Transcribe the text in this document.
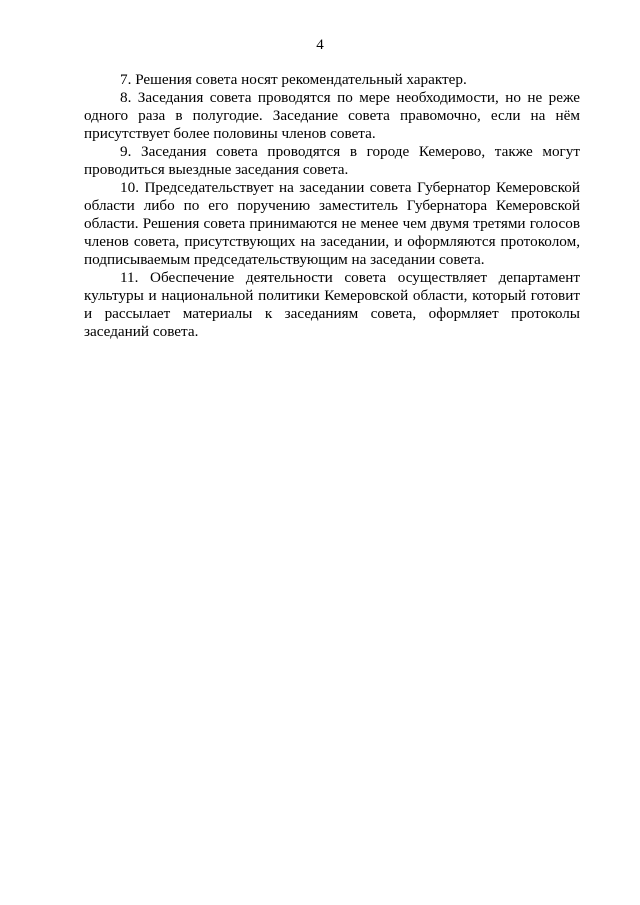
4

7. Решения совета носят рекомендательный характер.

8. Заседания совета проводятся по мере необходимости, но не реже одного раза в полугодие. Заседание совета правомочно, если на нём присутствует более половины членов совета.

9. Заседания совета проводятся в городе Кемерово, также могут проводиться выездные заседания совета.

10. Председательствует на заседании совета Губернатор Кемеровской области либо по его поручению заместитель Губернатора Кемеровской области. Решения совета принимаются не менее чем двумя третями голосов членов совета, присутствующих на заседании, и оформляются протоколом, подписываемым председательствующим на заседании совета.

11. Обеспечение деятельности совета осуществляет департамент культуры и национальной политики Кемеровской области, который готовит и рассылает материалы к заседаниям совета, оформляет протоколы заседаний совета.
